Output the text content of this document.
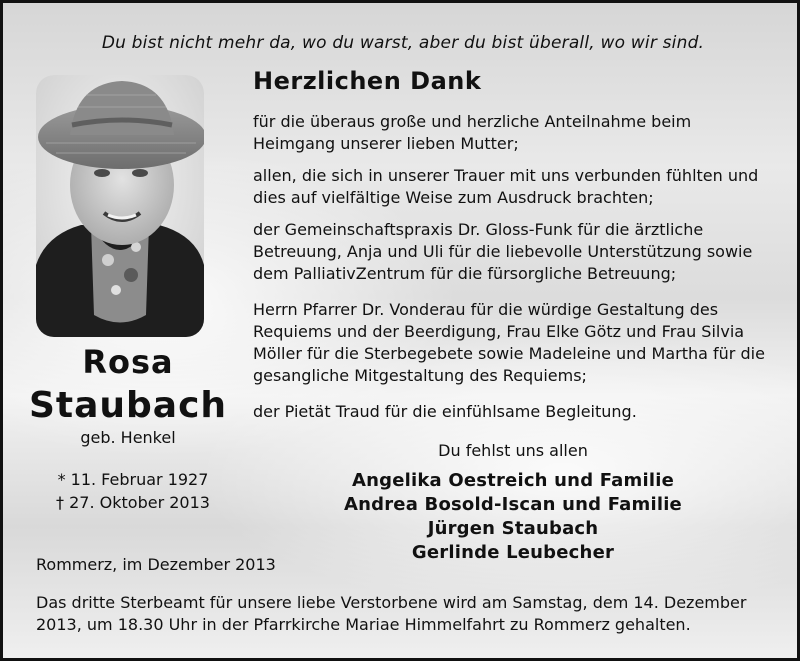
Du bist nicht mehr da, wo du warst, aber du bist überall, wo wir sind.
Rosa
Staubach
geb. Henkel
* 11. Februar 1927
† 27. Oktober 2013
Herzlichen Dank
für die überaus große und herzliche Anteilnahme beim Heimgang unserer lieben Mutter;
allen, die sich in unserer Trauer mit uns verbunden fühlten und dies auf vielfältige Weise zum Ausdruck brachten;
der Gemeinschaftspraxis Dr. Gloss-Funk für die ärztliche Betreuung, Anja und Uli für die liebevolle Unterstützung sowie dem PalliativZentrum für die fürsorgliche Betreuung;
Herrn Pfarrer Dr. Vonderau für die würdige Gestaltung des Requiems und der Beerdigung, Frau Elke Götz und Frau Silvia Möller für die Sterbegebete sowie Madeleine und Martha für die gesangliche Mitgestaltung des Requiems;
der Pietät Traud für die einfühlsame Begleitung.
Du fehlst uns allen
Angelika Oestreich und Familie
Andrea Bosold-Iscan und Familie
Jürgen Staubach
Gerlinde Leubecher
Rommerz, im Dezember 2013
Das dritte Sterbeamt für unsere liebe Verstorbene wird am Samstag, dem 14. Dezember 2013, um 18.30 Uhr in der Pfarrkirche Mariae Himmelfahrt zu Rommerz gehalten.
